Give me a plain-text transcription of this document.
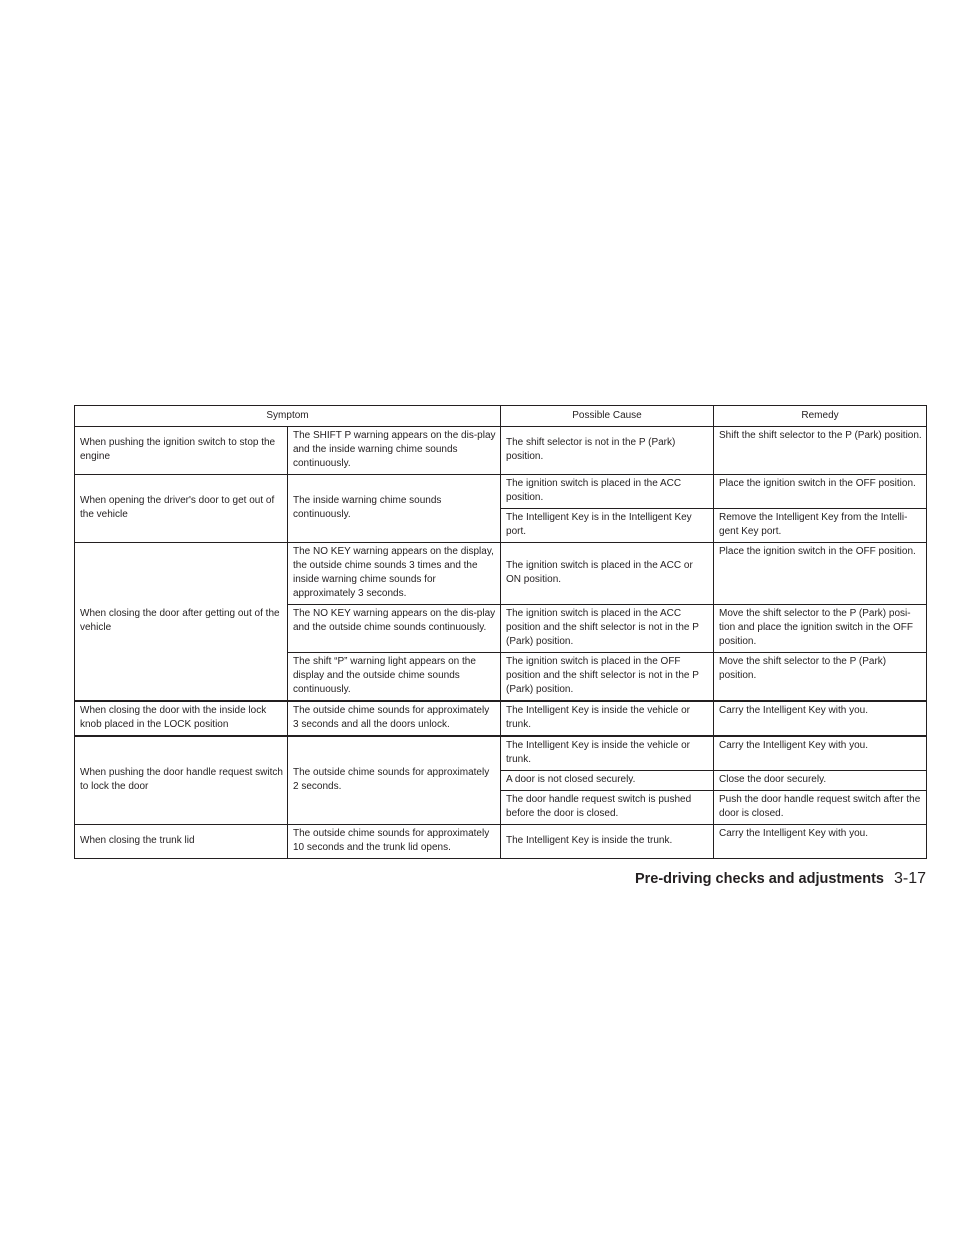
Symptom		Possible Cause	Remedy
When pushing the ignition switch to stop the engine	The SHIFT P warning appears on the dis-play and the inside warning chime sounds continuously.	The shift selector is not in the P (Park) position.	Shift the shift selector to the P (Park) position.
When opening the driver's door to get out of the vehicle	The inside warning chime sounds continuously.	The ignition switch is placed in the ACC position.	Place the ignition switch in the OFF position.
		The Intelligent Key is in the Intelligent Key port.	Remove the Intelligent Key from the Intelli-gent Key port.
When closing the door after getting out of the vehicle	The NO KEY warning appears on the display, the outside chime sounds 3 times and the inside warning chime sounds for approximately 3 seconds.	The ignition switch is placed in the ACC or ON position.	Place the ignition switch in the OFF position.
	The NO KEY warning appears on the dis-play and the outside chime sounds continuously.	The ignition switch is placed in the ACC position and the shift selector is not in the P (Park) position.	Move the shift selector to the P (Park) posi-tion and place the ignition switch in the OFF position.
	The shift “P” warning light appears on the display and the outside chime sounds continuously.	The ignition switch is placed in the OFF position and the shift selector is not in the P (Park) position.	Move the shift selector to the P (Park) position.
When closing the door with the inside lock knob placed in the LOCK position	The outside chime sounds for approximately 3 seconds and all the doors unlock.	The Intelligent Key is inside the vehicle or trunk.	Carry the Intelligent Key with you.
When pushing the door handle request switch to lock the door	The outside chime sounds for approximately 2 seconds.	The Intelligent Key is inside the vehicle or trunk.	Carry the Intelligent Key with you.
		A door is not closed securely.	Close the door securely.
		The door handle request switch is pushed before the door is closed.	Push the door handle request switch after the door is closed.
When closing the trunk lid	The outside chime sounds for approximately 10 seconds and the trunk lid opens.	The Intelligent Key is inside the trunk.	Carry the Intelligent Key with you.
Pre-driving checks and adjustments 3-17
